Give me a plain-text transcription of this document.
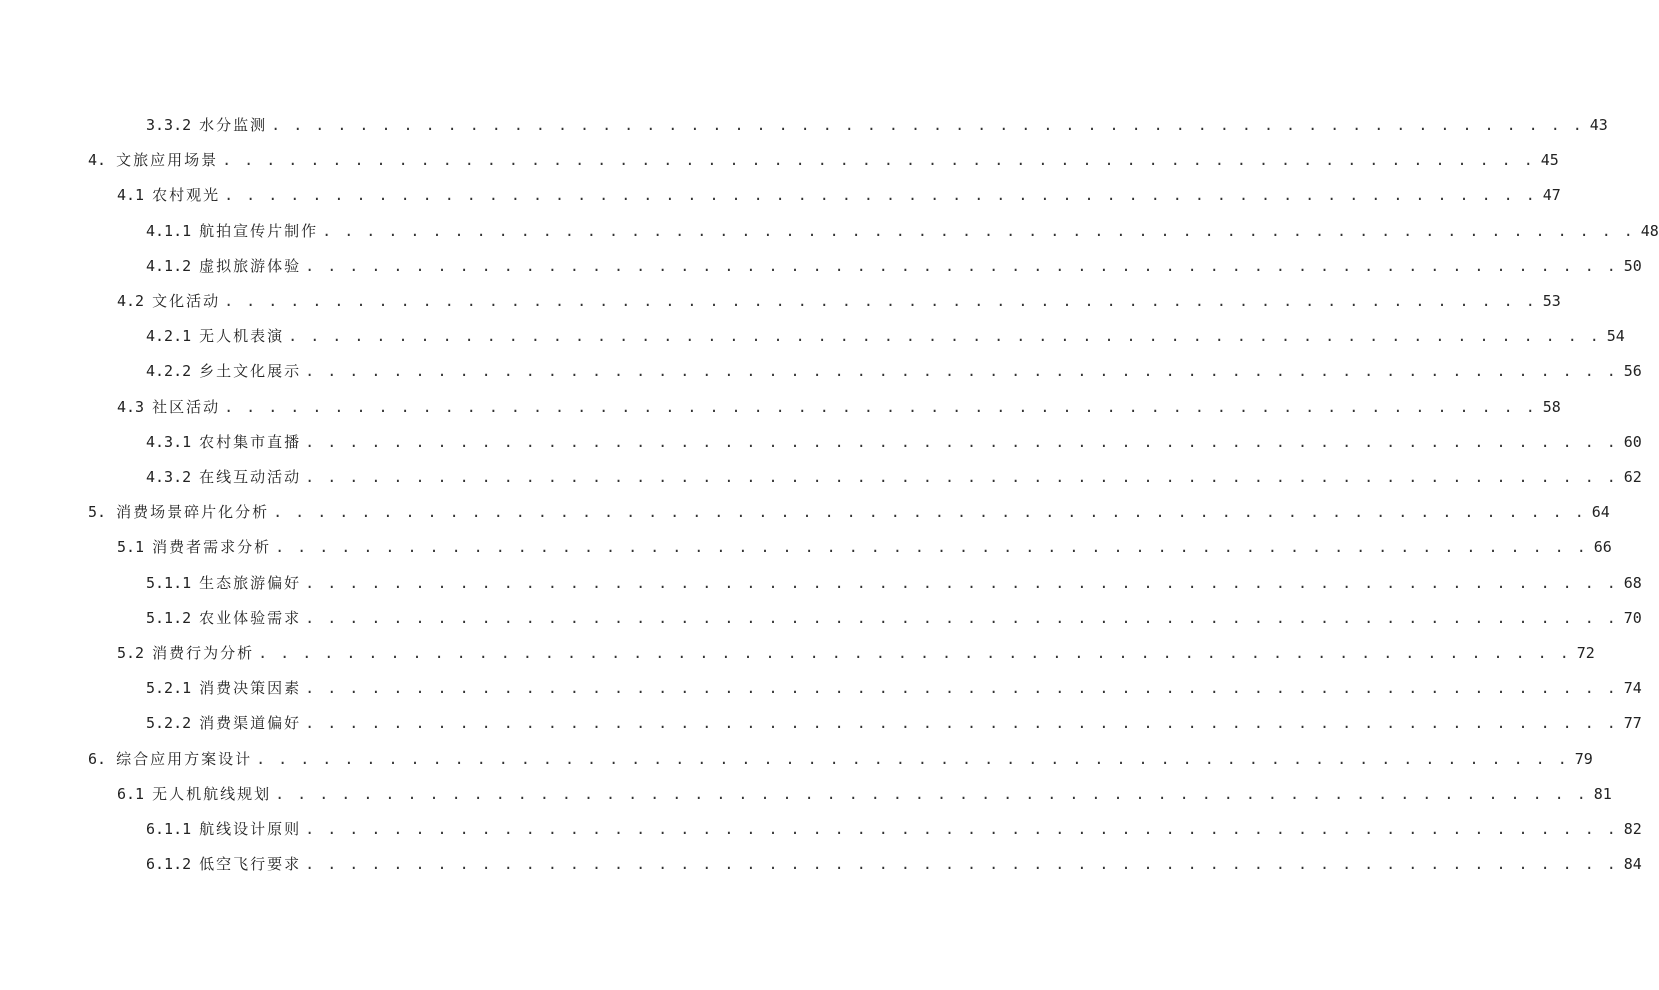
3.3.2 水分监测 . . . . . . . . . . . . . . . . . . . . . . . . . . . . . . . . . . . . . . . . . . . . . . . . . . . . . . . . . . . . 43
4. 文旅应用场景 . . . . . . . . . . . . . . . . . . . . . . . . . . . . . . . . . . . . . . . . . . . . . . . . . . . . . . . . . . . . 45
4.1 农村观光 . . . . . . . . . . . . . . . . . . . . . . . . . . . . . . . . . . . . . . . . . . . . . . . . . . . . . . . . . . . . 47
4.1.1 航拍宣传片制作 . . . . . . . . . . . . . . . . . . . . . . . . . . . . . . . . . . . . . . . . . . . . . . . . . . . . . . . . . . . . 48
4.1.2 虚拟旅游体验 . . . . . . . . . . . . . . . . . . . . . . . . . . . . . . . . . . . . . . . . . . . . . . . . . . . . . . . . . . . . 50
4.2 文化活动 . . . . . . . . . . . . . . . . . . . . . . . . . . . . . . . . . . . . . . . . . . . . . . . . . . . . . . . . . . . . 53
4.2.1 无人机表演 . . . . . . . . . . . . . . . . . . . . . . . . . . . . . . . . . . . . . . . . . . . . . . . . . . . . . . . . . . . . 54
4.2.2 乡土文化展示 . . . . . . . . . . . . . . . . . . . . . . . . . . . . . . . . . . . . . . . . . . . . . . . . . . . . . . . . . . . . 56
4.3 社区活动 . . . . . . . . . . . . . . . . . . . . . . . . . . . . . . . . . . . . . . . . . . . . . . . . . . . . . . . . . . . . 58
4.3.1 农村集市直播 . . . . . . . . . . . . . . . . . . . . . . . . . . . . . . . . . . . . . . . . . . . . . . . . . . . . . . . . . . . . 60
4.3.2 在线互动活动 . . . . . . . . . . . . . . . . . . . . . . . . . . . . . . . . . . . . . . . . . . . . . . . . . . . . . . . . . . . . 62
5. 消费场景碎片化分析 . . . . . . . . . . . . . . . . . . . . . . . . . . . . . . . . . . . . . . . . . . . . . . . . . . . . . . . . . . . . 64
5.1 消费者需求分析 . . . . . . . . . . . . . . . . . . . . . . . . . . . . . . . . . . . . . . . . . . . . . . . . . . . . . . . . . . . . 66
5.1.1 生态旅游偏好 . . . . . . . . . . . . . . . . . . . . . . . . . . . . . . . . . . . . . . . . . . . . . . . . . . . . . . . . . . . . 68
5.1.2 农业体验需求 . . . . . . . . . . . . . . . . . . . . . . . . . . . . . . . . . . . . . . . . . . . . . . . . . . . . . . . . . . . . 70
5.2 消费行为分析 . . . . . . . . . . . . . . . . . . . . . . . . . . . . . . . . . . . . . . . . . . . . . . . . . . . . . . . . . . . . 72
5.2.1 消费决策因素 . . . . . . . . . . . . . . . . . . . . . . . . . . . . . . . . . . . . . . . . . . . . . . . . . . . . . . . . . . . . 74
5.2.2 消费渠道偏好 . . . . . . . . . . . . . . . . . . . . . . . . . . . . . . . . . . . . . . . . . . . . . . . . . . . . . . . . . . . . 77
6. 综合应用方案设计 . . . . . . . . . . . . . . . . . . . . . . . . . . . . . . . . . . . . . . . . . . . . . . . . . . . . . . . . . . . . 79
6.1 无人机航线规划 . . . . . . . . . . . . . . . . . . . . . . . . . . . . . . . . . . . . . . . . . . . . . . . . . . . . . . . . . . . . 81
6.1.1 航线设计原则 . . . . . . . . . . . . . . . . . . . . . . . . . . . . . . . . . . . . . . . . . . . . . . . . . . . . . . . . . . . . 82
6.1.2 低空飞行要求 . . . . . . . . . . . . . . . . . . . . . . . . . . . . . . . . . . . . . . . . . . . . . . . . . . . . . . . . . . . . 84
